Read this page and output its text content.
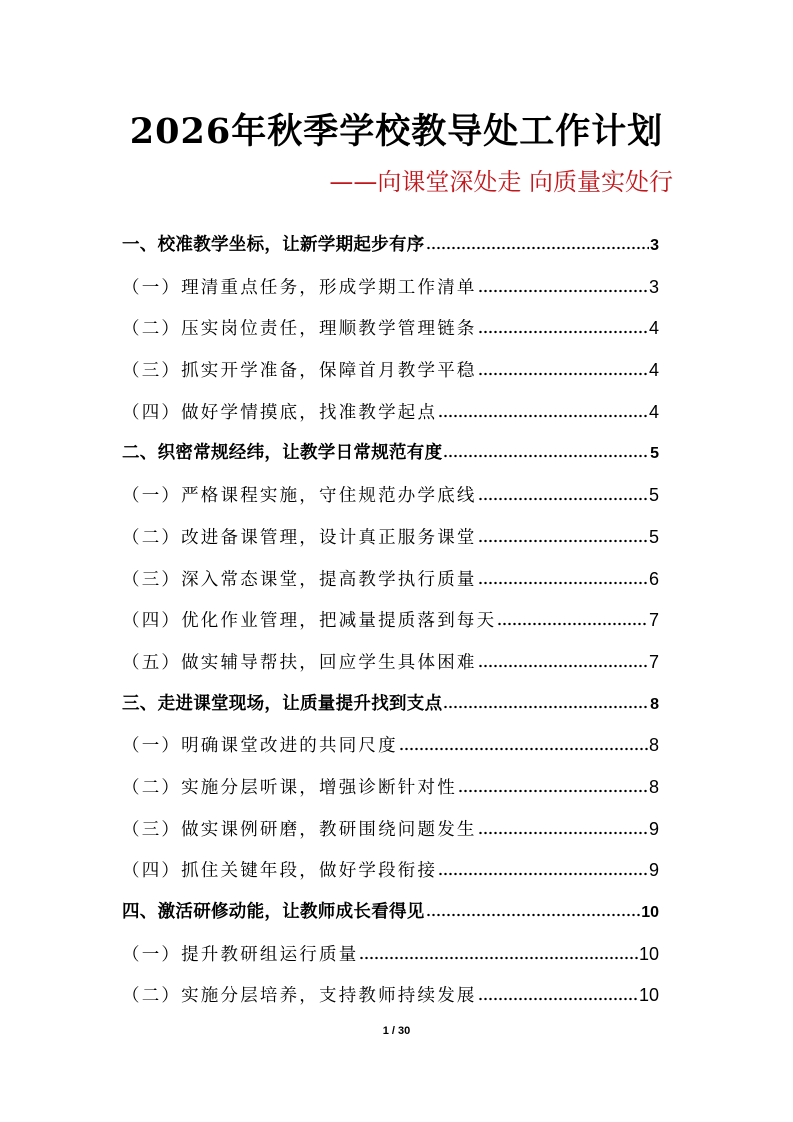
2026年秋季学校教导处工作计划
——向课堂深处走 向质量实处行
一、校准教学坐标，让新学期起步有序	3
（一）理清重点任务，形成学期工作清单	3
（二）压实岗位责任，理顺教学管理链条	4
（三）抓实开学准备，保障首月教学平稳	4
（四）做好学情摸底，找准教学起点	4
二、织密常规经纬，让教学日常规范有度	5
（一）严格课程实施，守住规范办学底线	5
（二）改进备课管理，设计真正服务课堂	5
（三）深入常态课堂，提高教学执行质量	6
（四）优化作业管理，把减量提质落到每天	7
（五）做实辅导帮扶，回应学生具体困难	7
三、走进课堂现场，让质量提升找到支点	8
（一）明确课堂改进的共同尺度	8
（二）实施分层听课，增强诊断针对性	8
（三）做实课例研磨，教研围绕问题发生	9
（四）抓住关键年段，做好学段衔接	9
四、激活研修动能，让教师成长看得见	10
（一）提升教研组运行质量	10
（二）实施分层培养，支持教师持续发展	10
1 / 30
